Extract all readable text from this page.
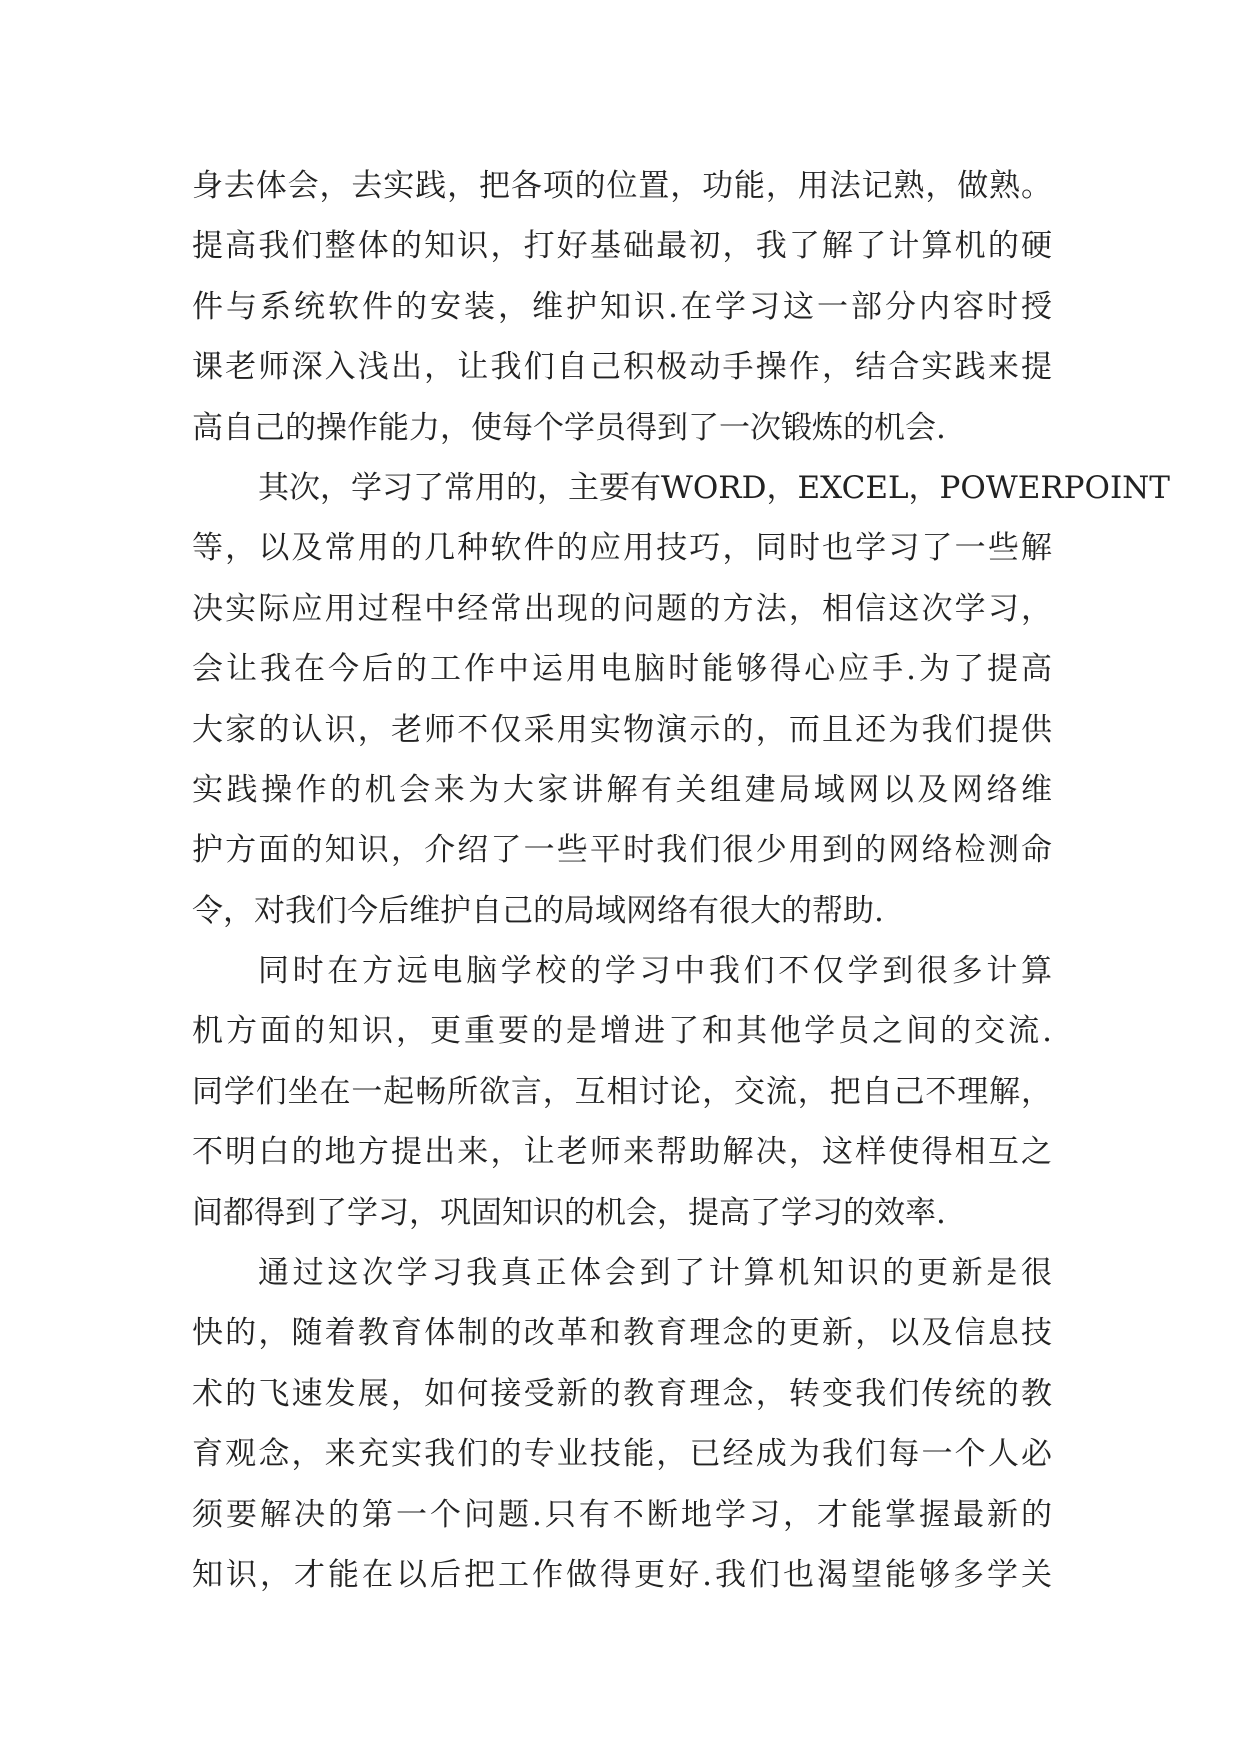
身去体会，去实践，把各项的位置，功能，用法记熟，做熟。
提高我们整体的知识，打好基础最初，我了解了计算机的硬
件与系统软件的安装，维护知识.在学习这一部分内容时授
课老师深入浅出，让我们自己积极动手操作，结合实践来提
高自己的操作能力，使每个学员得到了一次锻炼的机会.
其次，学习了常用的，主要有WORD，EXCEL，POWERPOINT
等，以及常用的几种软件的应用技巧，同时也学习了一些解
决实际应用过程中经常出现的问题的方法，相信这次学习，
会让我在今后的工作中运用电脑时能够得心应手.为了提高
大家的认识，老师不仅采用实物演示的，而且还为我们提供
实践操作的机会来为大家讲解有关组建局域网以及网络维
护方面的知识，介绍了一些平时我们很少用到的网络检测命
令，对我们今后维护自己的局域网络有很大的帮助.
同时在方远电脑学校的学习中我们不仅学到很多计算
机方面的知识，更重要的是增进了和其他学员之间的交流.
同学们坐在一起畅所欲言，互相讨论，交流，把自己不理解，
不明白的地方提出来，让老师来帮助解决，这样使得相互之
间都得到了学习，巩固知识的机会，提高了学习的效率.
通过这次学习我真正体会到了计算机知识的更新是很
快的，随着教育体制的改革和教育理念的更新，以及信息技
术的飞速发展，如何接受新的教育理念，转变我们传统的教
育观念，来充实我们的专业技能，已经成为我们每一个人必
须要解决的第一个问题.只有不断地学习，才能掌握最新的
知识，才能在以后把工作做得更好.我们也渴望能够多学关
